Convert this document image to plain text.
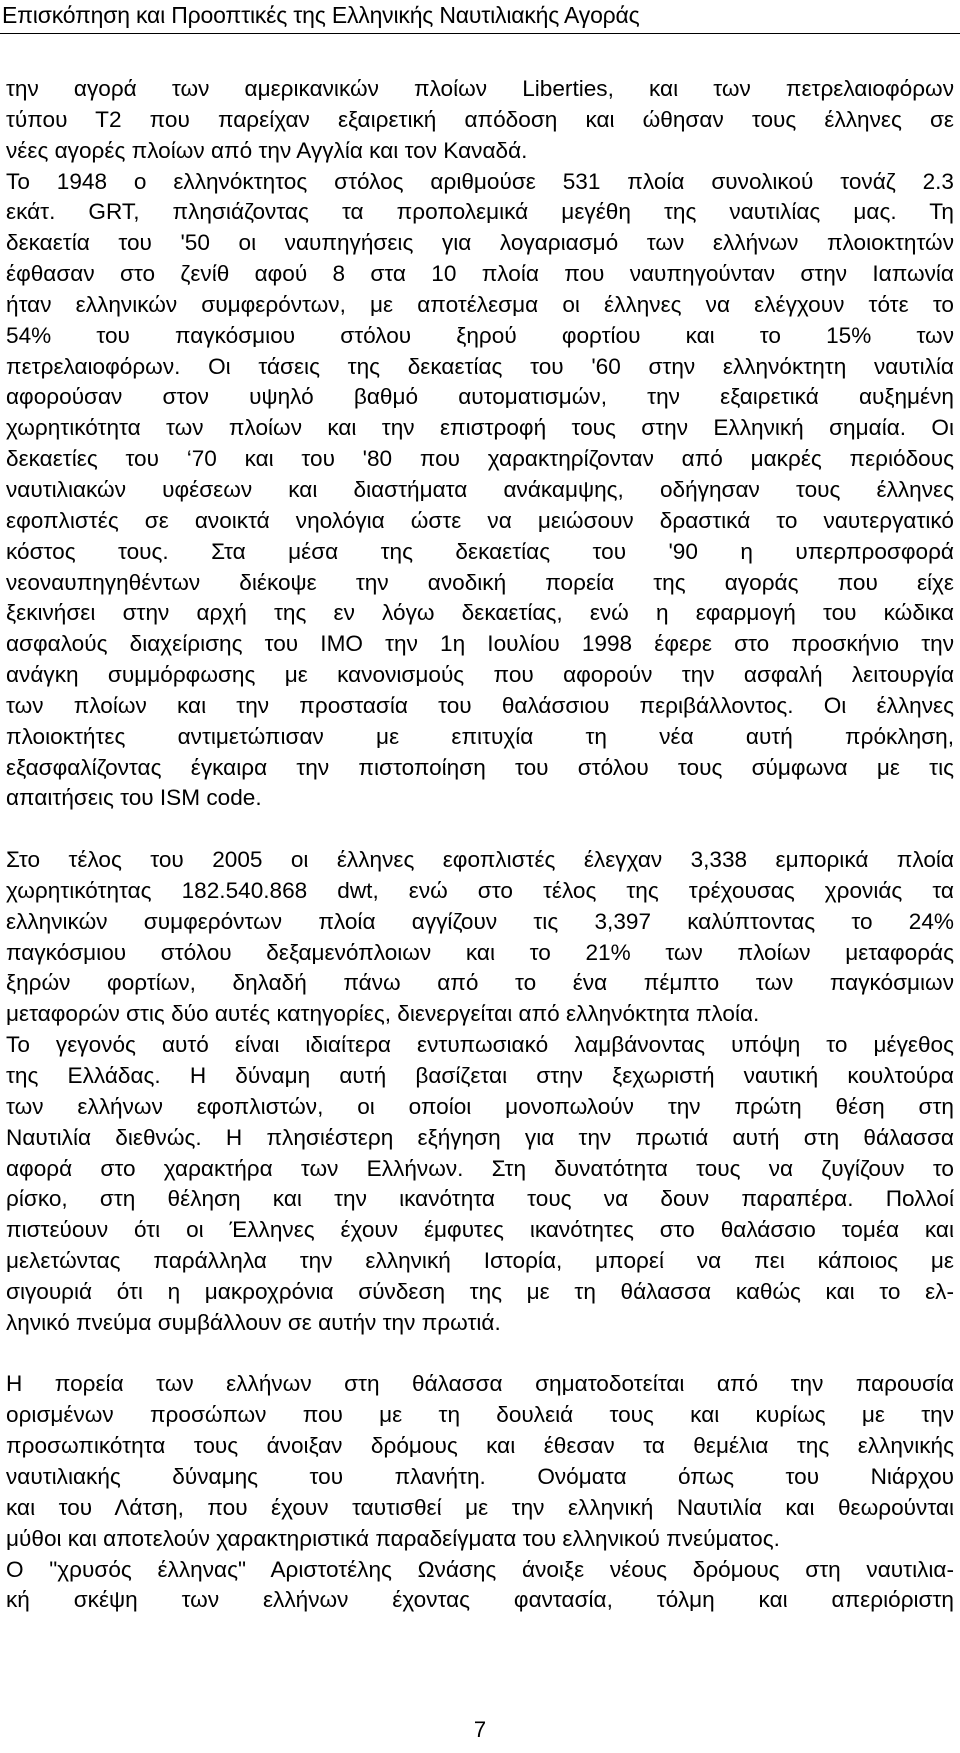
Επισκόπηση και Προοπτικές της Ελληνικής Ναυτιλιακής Αγοράς
την αγορά των αμερικανικών πλοίων Liberties, και των πετρελαιοφόρων
τύπου Τ2 που παρείχαν εξαιρετική απόδοση και ώθησαν τους έλληνες σε
νέες αγορές πλοίων από την Αγγλία και τον Καναδά.
Το 1948 ο ελληνόκτητος στόλος αριθμούσε 531 πλοία συνολικού τονάζ 2.3
εκάτ. GRT, πλησιάζοντας τα προπολεμικά μεγέθη της ναυτιλίας μας. Τη
δεκαετία του '50 οι ναυπηγήσεις για λογαριασμό των ελλήνων πλοιοκτητών
έφθασαν στο ζενίθ αφού 8 στα 10 πλοία που ναυπηγούνταν στην Ιαπωνία
ήταν ελληνικών συμφερόντων, με αποτέλεσμα οι έλληνες να ελέγχουν τότε το
54% του παγκόσμιου στόλου ξηρού φορτίου και το 15% των
πετρελαιοφόρων. Οι τάσεις της δεκαετίας του '60 στην ελληνόκτητη ναυτιλία
αφορούσαν στον υψηλό βαθμό αυτοματισμών, την εξαιρετικά αυξημένη
χωρητικότητα των πλοίων και την επιστροφή τους στην Ελληνική σημαία. Οι
δεκαετίες του ‘70 και του '80 που χαρακτηρίζονταν από μακρές περιόδους
ναυτιλιακών υφέσεων και διαστήματα ανάκαμψης, οδήγησαν τους έλληνες
εφοπλιστές σε ανοικτά νηολόγια ώστε να μειώσουν δραστικά το ναυτεργατικό
κόστος τους. Στα μέσα της δεκαετίας του '90 η υπερπροσφορά
νεοναυπηγηθέντων διέκοψε την ανοδική πορεία της αγοράς που είχε
ξεκινήσει στην αρχή της εν λόγω δεκαετίας, ενώ η εφαρμογή του κώδικα
ασφαλούς διαχείρισης του ΙΜΟ την 1η Ιουλίου 1998 έφερε στο προσκήνιο την
ανάγκη συμμόρφωσης με κανονισμούς που αφορούν την ασφαλή λειτουργία
των πλοίων και την προστασία του θαλάσσιου περιβάλλοντος. Οι έλληνες
πλοιοκτήτες αντιμετώπισαν με επιτυχία τη νέα αυτή πρόκληση,
εξασφαλίζοντας έγκαιρα την πιστοποίηση του στόλου τους σύμφωνα με τις
απαιτήσεις του ISM code.
Στο τέλος του 2005 οι έλληνες εφοπλιστές έλεγχαν 3,338 εμπορικά πλοία
χωρητικότητας 182.540.868 dwt, ενώ στο τέλος της τρέχουσας χρονιάς τα
ελληνικών συμφερόντων πλοία αγγίζουν τις 3,397 καλύπτοντας το 24%
παγκόσμιου στόλου δεξαμενόπλοιων και το 21% των πλοίων μεταφοράς
ξηρών φορτίων, δηλαδή πάνω από το ένα πέμπτο των παγκόσμιων
μεταφορών στις δύο αυτές κατηγορίες, διενεργείται από ελληνόκτητα πλοία.
Το γεγονός αυτό είναι ιδιαίτερα εντυπωσιακό λαμβάνοντας υπόψη το μέγεθος
της Ελλάδας. Η δύναμη αυτή βασίζεται στην ξεχωριστή ναυτική κουλτούρα
των ελλήνων εφοπλιστών, οι οποίοι μονοπωλούν την πρώτη θέση στη
Ναυτιλία διεθνώς. Η πλησιέστερη εξήγηση για την πρωτιά αυτή στη θάλασσα
αφορά στο χαρακτήρα των Ελλήνων. Στη δυνατότητα τους να ζυγίζουν το
ρίσκο, στη θέληση και την ικανότητα τους να δουν παραπέρα. Πολλοί
πιστεύουν ότι οι Έλληνες έχουν έμφυτες ικανότητες στο θαλάσσιο τομέα και
μελετώντας παράλληλα την ελληνική Ιστορία, μπορεί να πει κάποιος με
σιγουριά ότι η μακροχρόνια σύνδεση της με τη θάλασσα καθώς και το ελ-
ληνικό πνεύμα συμβάλλουν σε αυτήν την πρωτιά.
Η πορεία των ελλήνων στη θάλασσα σηματοδοτείται από την παρουσία
ορισμένων προσώπων που με τη δουλειά τους και κυρίως με την
προσωπικότητα τους άνοιξαν δρόμους και έθεσαν τα θεμέλια της ελληνικής
ναυτιλιακής δύναμης του πλανήτη. Ονόματα όπως του Νιάρχου
και του Λάτση, που έχουν ταυτισθεί με την ελληνική Ναυτιλία και θεωρούνται
μύθοι και αποτελούν χαρακτηριστικά παραδείγματα του ελληνικού πνεύματος.
Ο "χρυσός έλληνας" Αριστοτέλης Ωνάσης άνοιξε νέους δρόμους στη ναυτιλια-
κή σκέψη των ελλήνων έχοντας φαντασία, τόλμη και απεριόριστη
7
